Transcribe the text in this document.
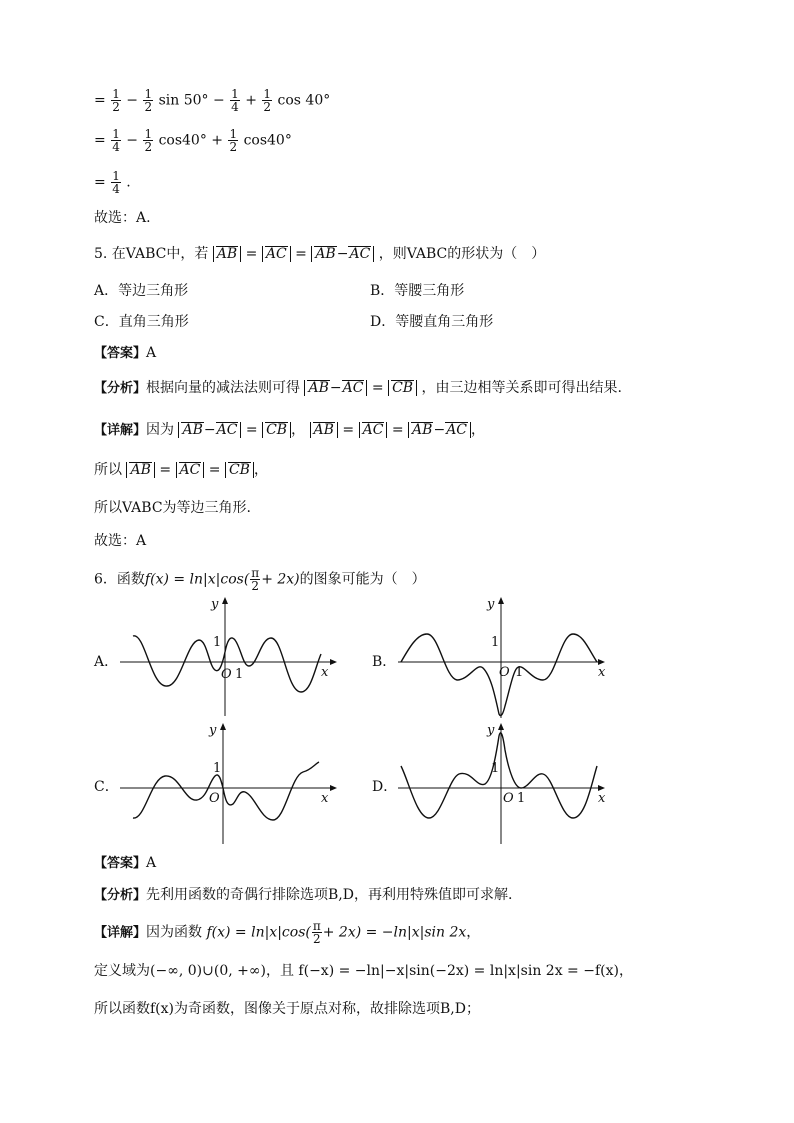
= $\frac{1}{2} - \frac{1}{2}$ $\sin 50^\circ - \frac{1}{4} + \frac{1}{2}$ cos 40°
= $\frac{1}{4} - \frac{1}{2} \cos 40^\circ + \frac{1}{2} \cos 40^\circ$
= $\frac{1}{4}$ .
故选：A.
5. 在VABC中，若 AB = AC = AB−AC ，则VABC的形状为（　）
A．等边三角形	B．等腰三角形
C．直角三角形	D．等腰直角三角形
【答案】A
【分析】根据向量的减法法则可得 AB−AC = CB ，由三边相等关系即可得出结果.
【详解】因为 AB−AC = CB ， AB = AC = AB−AC ，
所以 AB = AC = CB ，
所以VABC为等边三角形.
故选：A
6．函数$f(x) = \ln|x|\cos( \frac{\pi}{2} + 2x)$的图象可能为（　）
A．	B．
C．	D．
y
x
O 1
1
y
x
O 1
1
y
x
O
1
y
x
O 1
1
【答案】A
【分析】先利用函数的奇偶行排除选项B,D，再利用特殊值即可求解.
【详解】因为函数 $f(x) = \ln|x|\cos( \frac{\pi}{2} + 2x) = -\ln|x|\sin$ 2x，
定义域为(−∞, 0)∪(0, +∞)，且 f(−x) = −ln|−x|sin(−2x) = ln|x|sin 2x = −f(x)，
所以函数f(x)为奇函数，图像关于原点对称，故排除选项B,D；
